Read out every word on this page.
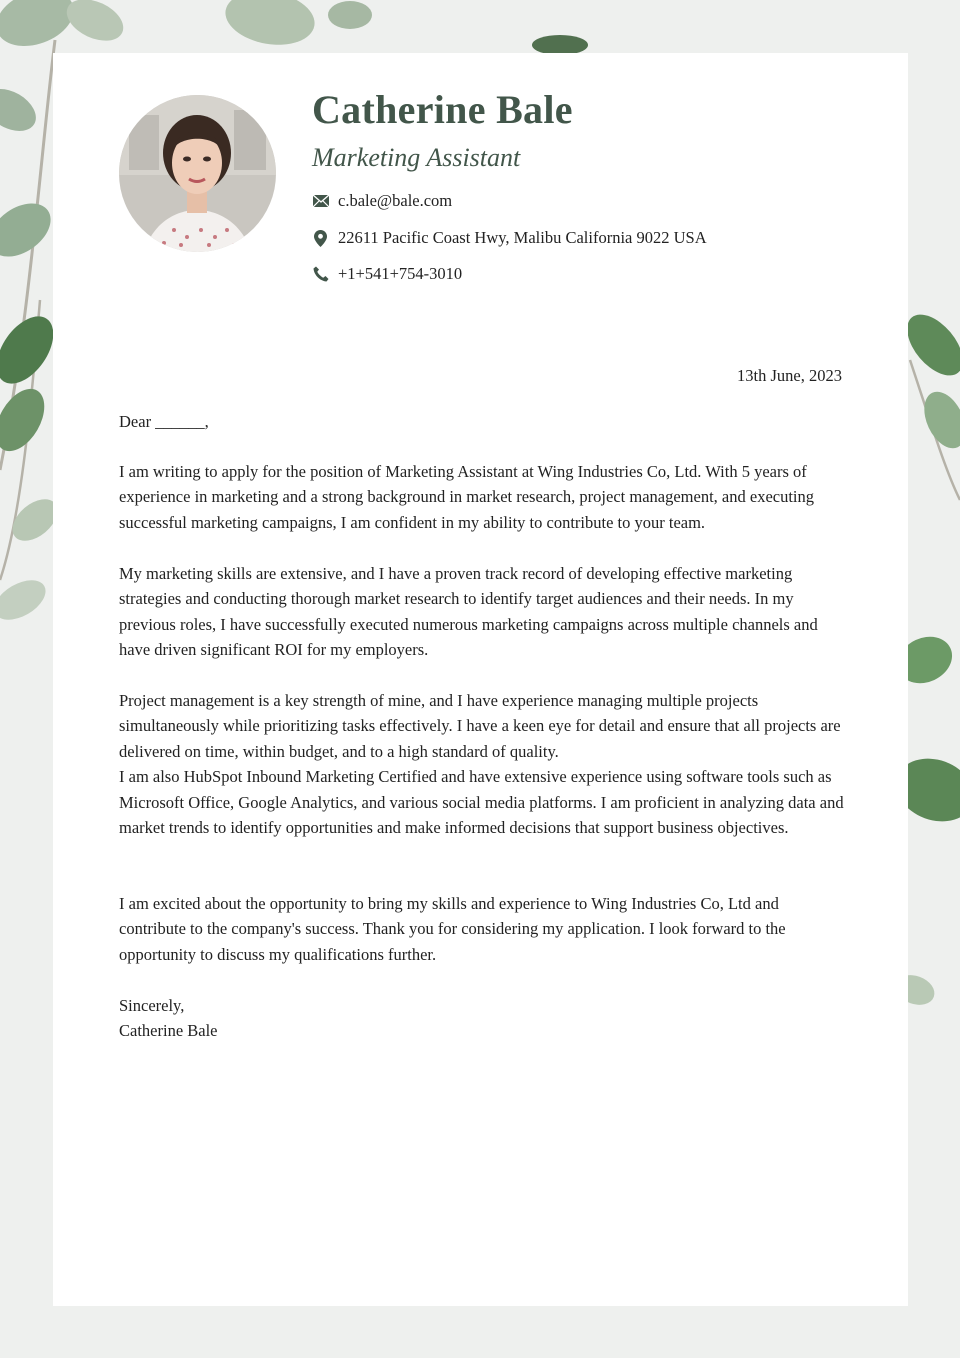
Catherine Bale
Marketing Assistant
c.bale@bale.com
22611 Pacific Coast Hwy, Malibu California 9022 USA
+1+541+754-3010
13th June, 2023
Dear ______,

I am writing to apply for the position of Marketing Assistant at Wing Industries Co, Ltd. With 5 years of experience in marketing and a strong background in market research, project management, and executing successful marketing campaigns, I am confident in my ability to contribute to your team.

My marketing skills are extensive, and I have a proven track record of developing effective marketing strategies and conducting thorough market research to identify target audiences and their needs. In my previous roles, I have successfully executed numerous marketing campaigns across multiple channels and have driven significant ROI for my employers.

Project management is a key strength of mine, and I have experience managing multiple projects simultaneously while prioritizing tasks effectively. I have a keen eye for detail and ensure that all projects are delivered on time, within budget, and to a high standard of quality.

I am also HubSpot Inbound Marketing Certified and have extensive experience using software tools such as Microsoft Office, Google Analytics, and various social media platforms. I am proficient in analyzing data and market trends to identify opportunities and make informed decisions that support business objectives.

I am excited about the opportunity to bring my skills and experience to Wing Industries Co, Ltd and contribute to the company's success. Thank you for considering my application. I look forward to the opportunity to discuss my qualifications further.

Sincerely,

Catherine Bale
